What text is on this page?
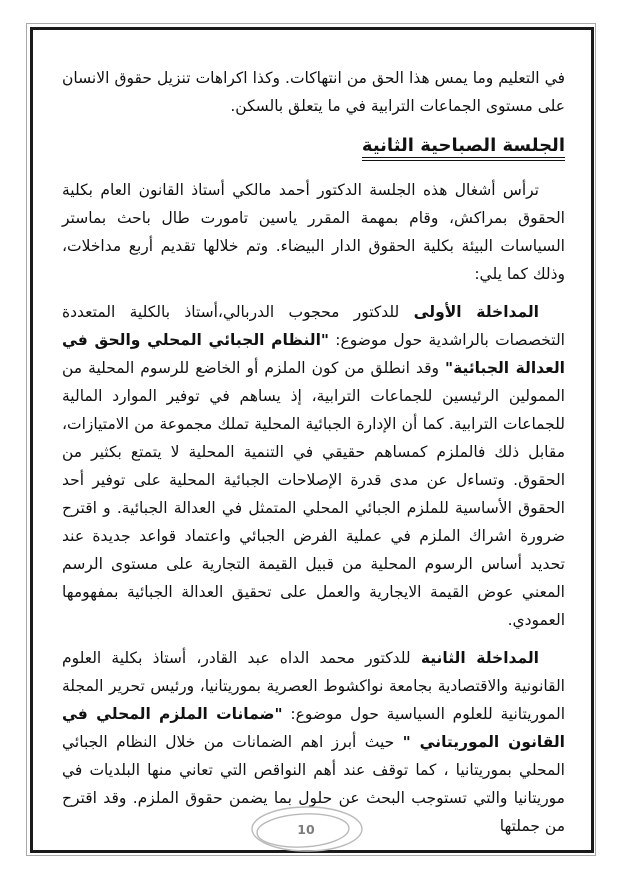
في التعليم وما يمس هذا الحق من انتهاكات. وكذا اكراهات تنزيل حقوق الانسان على مستوى الجماعات الترابية في ما يتعلق بالسكن.

الجلسة الصباحية الثانية

ترأس أشغال هذه الجلسة الدكتور أحمد مالكي أستاذ القانون العام بكلية الحقوق بمراكش، وقام بمهمة المقرر ياسين تامورت طال باحث بماستر السياسات البيئة بكلية الحقوق الدار البيضاء. وتم خلالها تقديم أربع مداخلات، وذلك كما يلي:

المداخلة الأولى للدكتور محجوب الدربالي،أستاذ بالكلية المتعددة التخصصات بالراشدية حول موضوع: "النظام الجبائي المحلي والحق في العدالة الجبائية" وقد انطلق من كون الملزم أو الخاضع للرسوم المحلية من الممولين الرئيسين للجماعات الترابية، إذ يساهم في توفير الموارد المالية للجماعات الترابية. كما أن الإدارة الجبائية المحلية تملك مجموعة من الامتيازات، مقابل ذلك فالملزم كمساهم حقيقي في التنمية المحلية لا يتمتع بكثير من الحقوق. وتساءل عن مدى قدرة الإصلاحات الجبائية المحلية على توفير أحد الحقوق الأساسية للملزم الجبائي المحلي المتمثل في العدالة الجبائية. و اقترح ضرورة اشراك الملزم في عملية الفرض الجبائي واعتماد قواعد جديدة عند تحديد أساس الرسوم المحلية من قبيل القيمة التجارية على مستوى الرسم المعني عوض القيمة الايجارية والعمل على تحقيق العدالة الجبائية بمفهومها العمودي.

المداخلة الثانية للدكتور محمد الداه عبد القادر، أستاذ بكلية العلوم القانونية والاقتصادية بجامعة نواكشوط العصرية بموريتانيا، ورئيس تحرير المجلة الموريتانية للعلوم السياسية حول موضوع: "ضمانات الملزم المحلي في القانون الموريتاني " حيث أبرز اهم الضمانات من خلال النظام الجبائي المحلي بموريتانيا ، كما توقف عند أهم النواقص التي تعاني منها البلديات في موريتانيا والتي تستوجب البحث عن حلول بما يضمن حقوق الملزم. وقد اقترح من جملتها

10
